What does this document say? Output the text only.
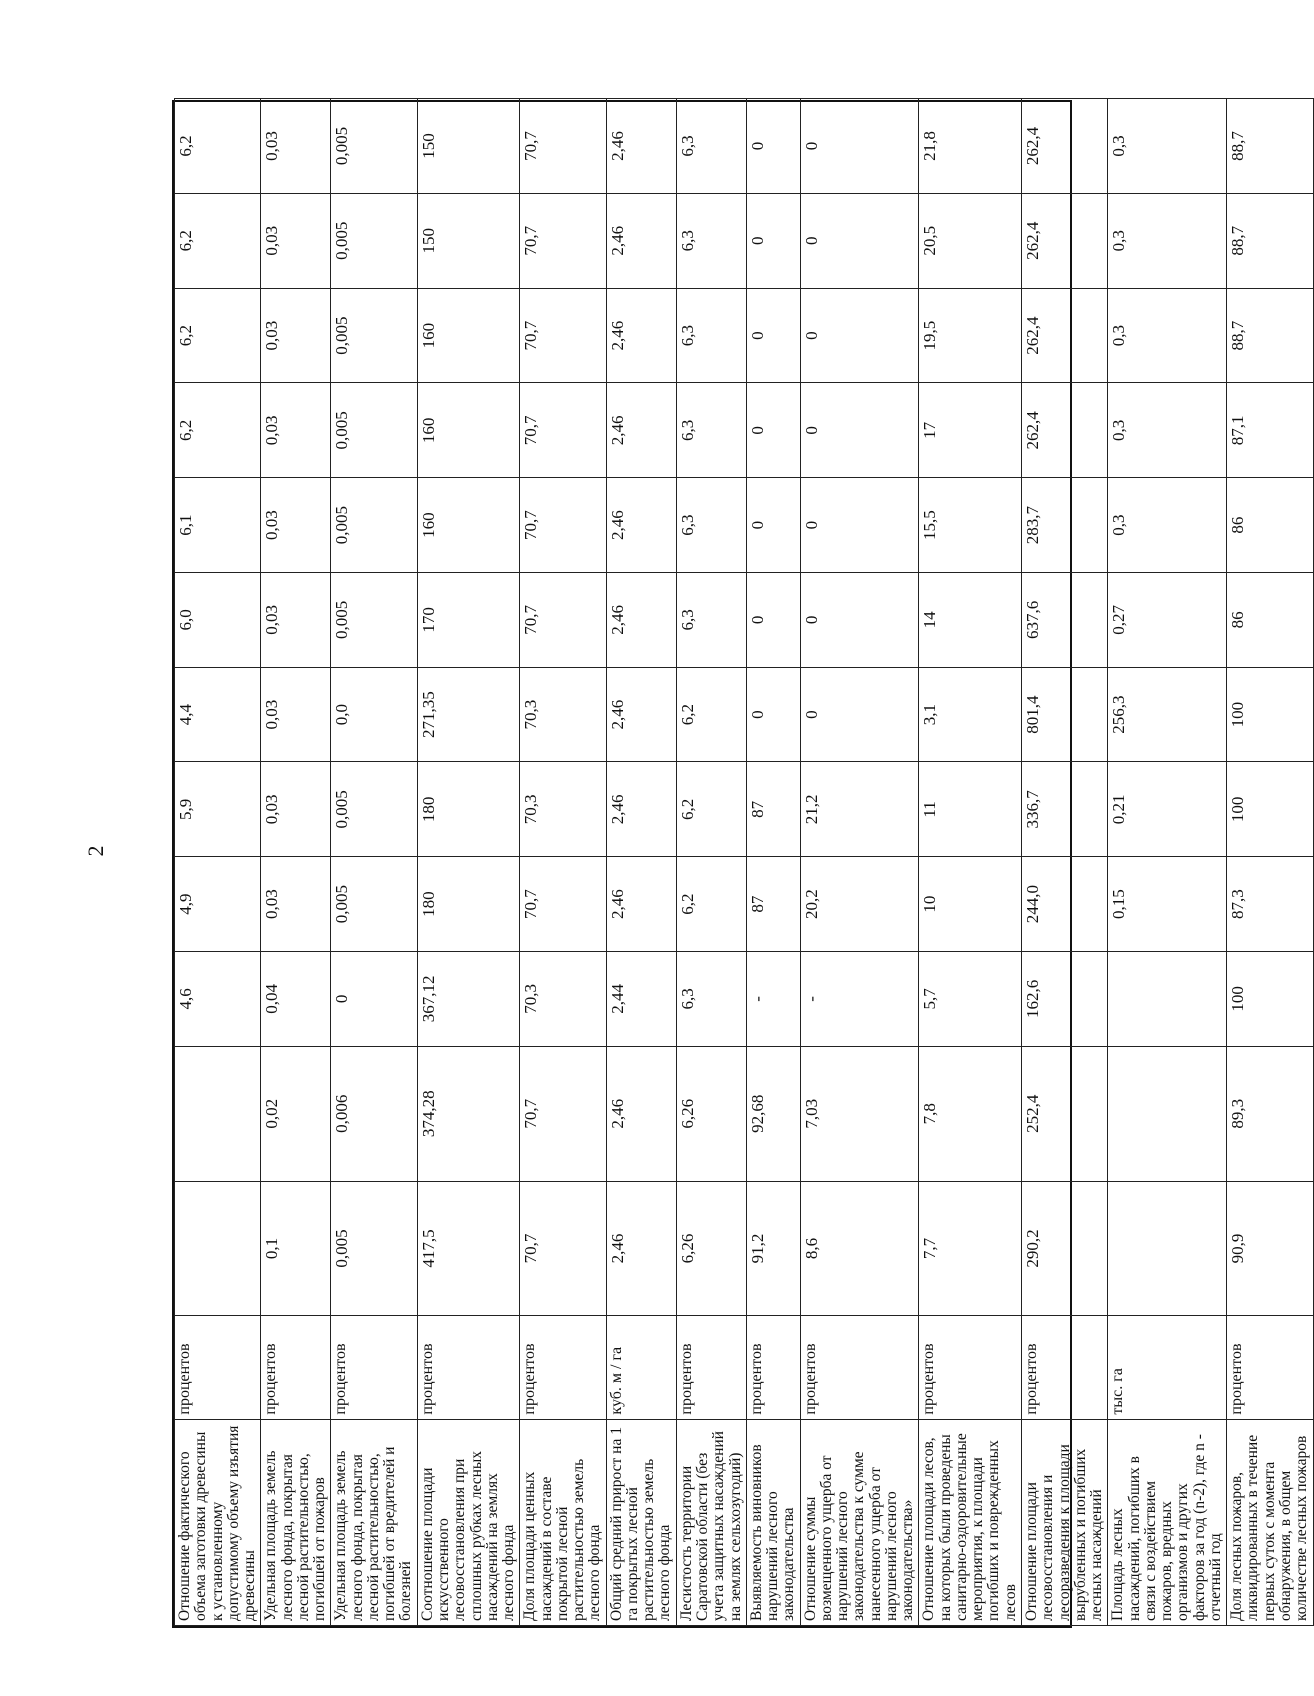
2
Отношение фактического объема заготовки древесины к установленному допустимому объему изъятия древесины	процентов			4,6	4,9	5,9	4,4	6,0	6,1	6,2	6,2	6,2	6,2
Удельная площадь земель лесного фонда, покрытая лесной растительностью, погибшей от пожаров	процентов	0,1	0,02	0,04	0,03	0,03	0,03	0,03	0,03	0,03	0,03	0,03	0,03
Удельная площадь земель лесного фонда, покрытая лесной растительностью, погибшей от вредителей и болезней	процентов	0,005	0,006	0	0,005	0,005	0,0	0,005	0,005	0,005	0,005	0,005	0,005
Соотношение площади искусственного лесовосстановления при сплошных рубках лесных насаждений на землях лесного фонда	процентов	417,5	374,28	367,12	180	180	271,35	170	160	160	160	150	150
Доля площади ценных насаждений в составе покрытой лесной растительностью земель лесного фонда	процентов	70,7	70,7	70,3	70,7	70,3	70,3	70,7	70,7	70,7	70,7	70,7	70,7
Общий средний прирост на 1 га покрытых лесной растительностью земель лесного фонда	куб. м / га	2,46	2,46	2,44	2,46	2,46	2,46	2,46	2,46	2,46	2,46	2,46	2,46
Лесистость территории Саратовской области (без учета защитных насаждений на землях сельхозугодий)	процентов	6,26	6,26	6,3	6,2	6,2	6,2	6,3	6,3	6,3	6,3	6,3	6,3
Выявляемость виновников нарушений лесного законодательства	процентов	91,2	92,68	-	87	87	0	0	0	0	0	0	0
Отношение суммы возмещенного ущерба от нарушений лесного законодательства к сумме нанесенного ущерба от нарушений лесного законодательства»	процентов	8,6	7,03	-	20,2	21,2	0	0	0	0	0	0	0
Отношение площади лесов, на которых были проведены санитарно-оздоровительные мероприятия, к площади погибших и поврежденных лесов	процентов	7,7	7,8	5,7	10	11	3,1	14	15,5	17	19,5	20,5	21,8
Отношение площади лесовосстановления и лесоразведения к площади вырубленных и погибших лесных насаждений	процентов	290,2	252,4	162,6	244,0	336,7	801,4	637,6	283,7	262,4	262,4	262,4	262,4
Площадь лесных насаждений, погибших в связи с воздействием пожаров, вредных организмов и других факторов за год (n-2), где n - отчетный год	тыс. га				0,15	0,21	256,3	0,27	0,3	0,3	0,3	0,3	0,3
Доля лесных пожаров, ликвидированных в течение первых суток с момента обнаружения, в общем количестве лесных пожаров	процентов	90,9	89,3	100	87,3	100	100	86	86	87,1	88,7	88,7	88,7
